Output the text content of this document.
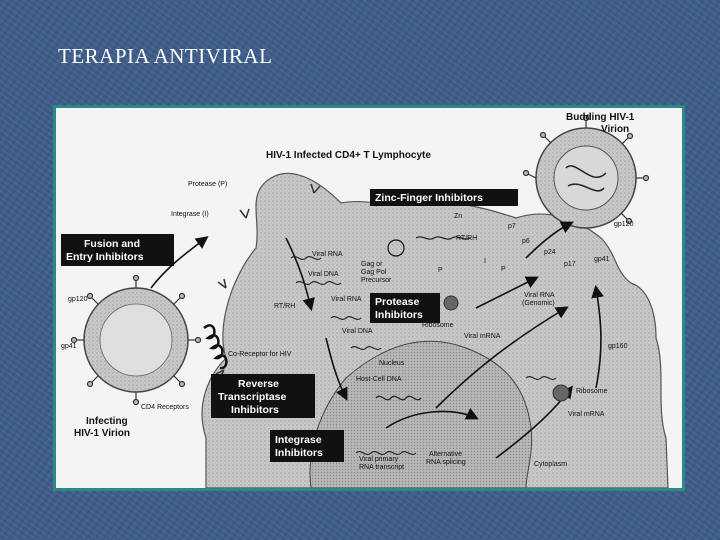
TERAPIA ANTIVIRAL
HIV-1 Infected CD4+ T Lymphocyte
Budding HIV-1
Virion
Infecting
HIV-1 Virion
Zinc-Finger Inhibitors
Fusion and
Entry Inhibitors
Protease
Inhibitors
Reverse
Transcriptase
Inhibitors
Integrase
Inhibitors
Protease (P)
Integrase (I)
gp120
gp41
Viral RNA
Viral DNA
Gag or
Gag Pol
Precursor
RT/RH
RT/RH
Viral RNA
Viral DNA
Co-Receptor for HIV
CD4 Receptors
Nucleus
Host-Cell DNA
Ribosome
Viral mRNA
Zn
p7
p6
p24
p17
P	P
I
gp120
gp41
Viral RNA
(Genomic)
gp160
Ribosome
Viral mRNA
Viral primary
RNA transcript
Alternative
RNA splicing	Cytoplasm
